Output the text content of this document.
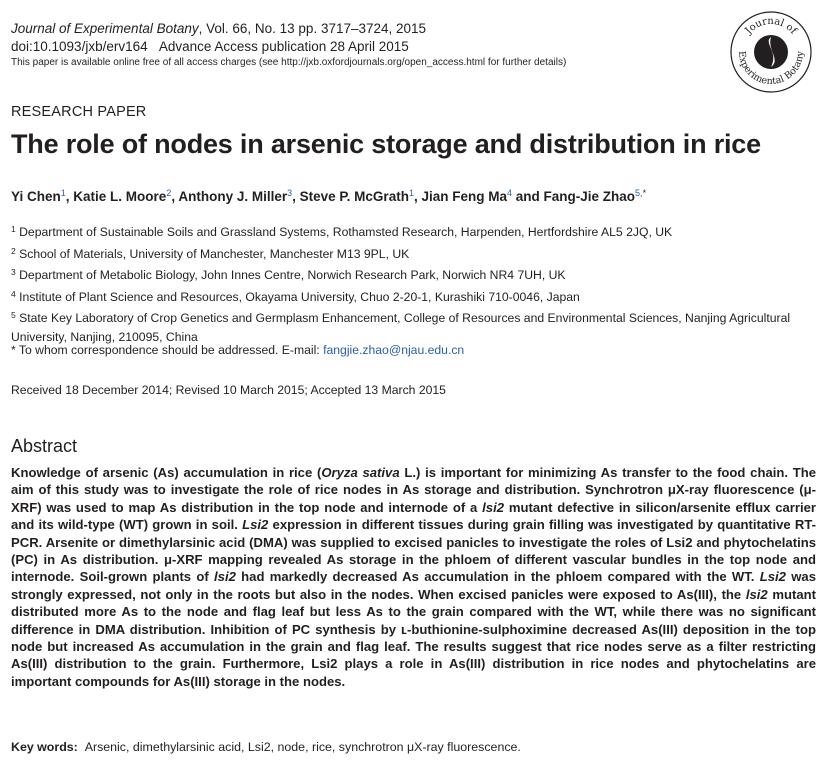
Journal of Experimental Botany, Vol. 66, No. 13 pp. 3717–3724, 2015
doi:10.1093/jxb/erv164 Advance Access publication 28 April 2015
This paper is available online free of all access charges (see http://jxb.oxfordjournals.org/open_access.html for further details)
Journal of
Experimental Botany
RESEARCH PAPER
The role of nodes in arsenic storage and distribution in rice
Yi Chen$^1$, Katie L. Moore$^2$, Anthony J. Miller$^3$, Steve P. McGrath$^1$, Jian Feng Ma$^4$ and Fang-Jie Zhao$^{5,*}$
$^1$ Department of Sustainable Soils and Grassland Systems, Rothamsted Research, Harpenden, Hertfordshire AL5 2JQ, UK
$^2$ School of Materials, University of Manchester, Manchester M13 9PL, UK
$^3$ Department of Metabolic Biology, John Innes Centre, Norwich Research Park, Norwich NR4 7UH, UK
$^4$ Institute of Plant Science and Resources, Okayama University, Chuo 2-20-1, Kurashiki 710-0046, Japan
$^5$ State Key Laboratory of Crop Genetics and Germplasm Enhancement, College of Resources and Environmental Sciences, Nanjing Agricultural University, Nanjing, 210095, China
* To whom correspondence should be addressed. E-mail: fangjie.zhao@njau.edu.cn
Received 18 December 2014; Revised 10 March 2015; Accepted 13 March 2015
Abstract
Knowledge of arsenic (As) accumulation in rice (Oryza sativa L.) is important for minimizing As transfer to the food chain. The aim of this study was to investigate the role of rice nodes in As storage and distribution. Synchrotron μX-ray fluorescence (μ-XRF) was used to map As distribution in the top node and internode of a lsi2 mutant defective in silicon/arsenite efflux carrier and its wild-type (WT) grown in soil. Lsi2 expression in different tissues during grain filling was investigated by quantitative RT-PCR. Arsenite or dimethylarsinic acid (DMA) was supplied to excised panicles to investigate the roles of Lsi2 and phytochelatins (PC) in As distribution. μ-XRF mapping revealed As storage in the phloem of different vascular bundles in the top node and internode. Soil-grown plants of lsi2 had markedly decreased As accumulation in the phloem compared with the WT. Lsi2 was strongly expressed, not only in the roots but also in the nodes. When excised panicles were exposed to As(III), the lsi2 mutant distributed more As to the node and flag leaf but less As to the grain compared with the WT, while there was no significant difference in DMA distribution. Inhibition of PC synthesis by ʟ-buthionine-sulphoximine decreased As(III) deposition in the top node but increased As accumulation in the grain and flag leaf. The results suggest that rice nodes serve as a filter restricting As(III) distribution to the grain. Furthermore, Lsi2 plays a role in As(III) distribution in rice nodes and phytochelatins are important compounds for As(III) storage in the nodes.
Key words: Arsenic, dimethylarsinic acid, Lsi2, node, rice, synchrotron μX-ray fluorescence.
